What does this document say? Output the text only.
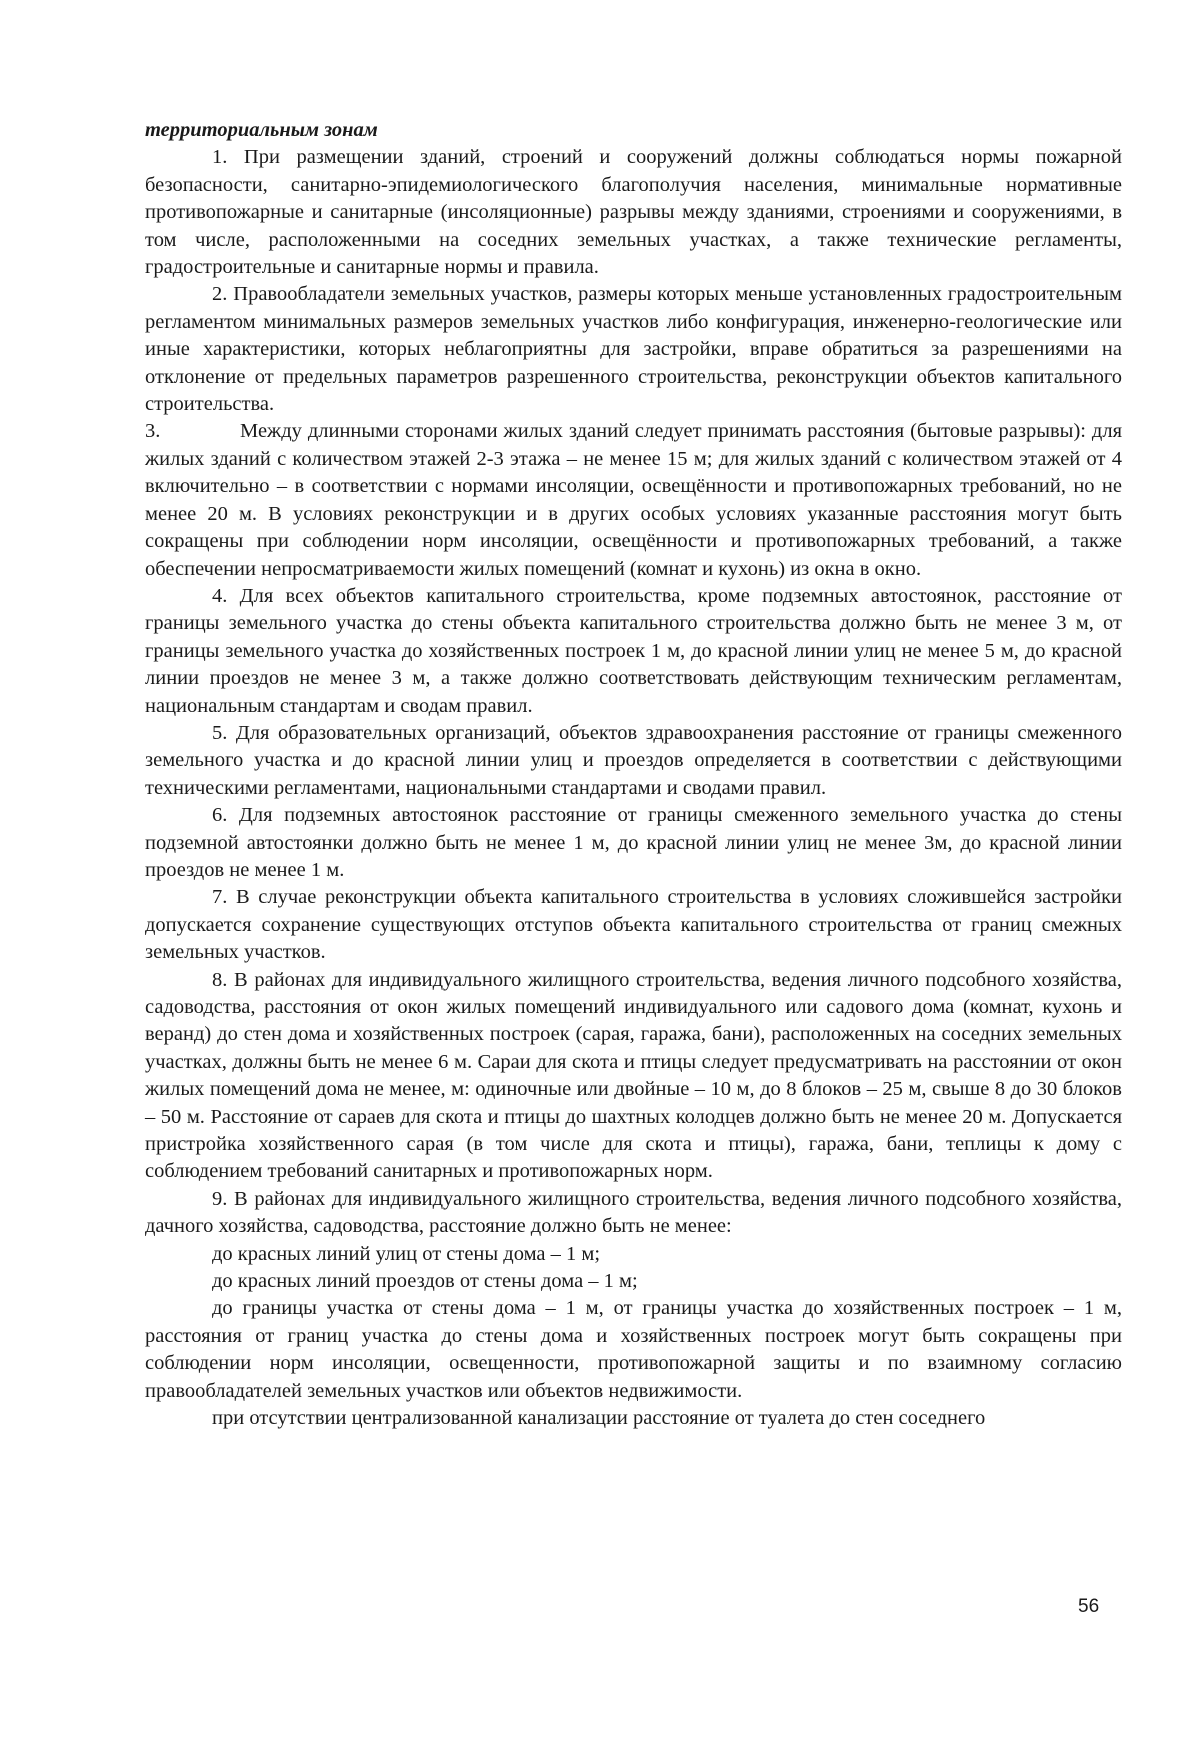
территориальным зонам

1. При размещении зданий, строений и сооружений должны соблюдаться нормы пожарной безопасности, санитарно-эпидемиологического благополучия населения, минимальные нормативные противопожарные и санитарные (инсоляционные) разрывы между зданиями, строениями и сооружениями, в том числе, расположенными на соседних земельных участках, а также технические регламенты, градостроительные и санитарные нормы и правила.

2. Правообладатели земельных участков, размеры которых меньше установленных градостроительным регламентом минимальных размеров земельных участков либо конфигурация, инженерно-геологические или иные характеристики, которых неблагоприятны для застройки, вправе обратиться за разрешениями на отклонение от предельных параметров разрешенного строительства, реконструкции объектов капитального строительства.

3.	Между длинными сторонами жилых зданий следует принимать расстояния (бытовые разрывы): для жилых зданий с количеством этажей 2-3 этажа – не менее 15 м; для жилых зданий с количеством этажей от 4 включительно – в соответствии с нормами инсоляции, освещённости и противопожарных требований, но не менее 20 м. В условиях реконструкции и в других особых условиях указанные расстояния могут быть сокращены при соблюдении норм инсоляции, освещённости и противопожарных требований, а также обеспечении непросматриваемости жилых помещений (комнат и кухонь) из окна в окно.

4. Для всех объектов капитального строительства, кроме подземных автостоянок, расстояние от границы земельного участка до стены объекта капитального строительства должно быть не менее 3 м, от границы земельного участка до хозяйственных построек 1 м, до красной линии улиц не менее 5 м, до красной линии проездов не менее 3 м, а также должно соответствовать действующим техническим регламентам, национальным стандартам и сводам правил.

5. Для образовательных организаций, объектов здравоохранения расстояние от границы смеженного земельного участка и до красной линии улиц и проездов определяется в соответствии с действующими техническими регламентами, национальными стандартами и сводами правил.

6. Для подземных автостоянок расстояние от границы смеженного земельного участка до стены подземной автостоянки должно быть не менее 1 м, до красной линии улиц не менее 3м, до красной линии проездов не менее 1 м.

7. В случае реконструкции объекта капитального строительства в условиях сложившейся застройки допускается сохранение существующих отступов объекта капитального строительства от границ смежных земельных участков.

8. В районах для индивидуального жилищного строительства, ведения личного подсобного хозяйства, садоводства, расстояния от окон жилых помещений индивидуального или садового дома (комнат, кухонь и веранд) до стен дома и хозяйственных построек (сарая, гаража, бани), расположенных на соседних земельных участках, должны быть не менее 6 м. Сараи для скота и птицы следует предусматривать на расстоянии от окон жилых помещений дома не менее, м: одиночные или двойные – 10 м, до 8 блоков – 25 м, свыше 8 до 30 блоков – 50 м. Расстояние от сараев для скота и птицы до шахтных колодцев должно быть не менее 20 м. Допускается пристройка хозяйственного сарая (в том числе для скота и птицы), гаража, бани, теплицы к дому с соблюдением требований санитарных и противопожарных норм.

9. В районах для индивидуального жилищного строительства, ведения личного подсобного хозяйства, дачного хозяйства, садоводства, расстояние должно быть не менее:

до красных линий улиц от стены дома – 1 м;

до красных линий проездов от стены дома – 1 м;

до границы участка от стены дома – 1 м, от границы участка до хозяйственных построек – 1 м, расстояния от границ участка до стены дома и хозяйственных построек могут быть сокращены при соблюдении норм инсоляции, освещенности, противопожарной защиты и по взаимному согласию правообладателей земельных участков или объектов недвижимости.

при отсутствии централизованной канализации расстояние от туалета до стен соседнего

56
